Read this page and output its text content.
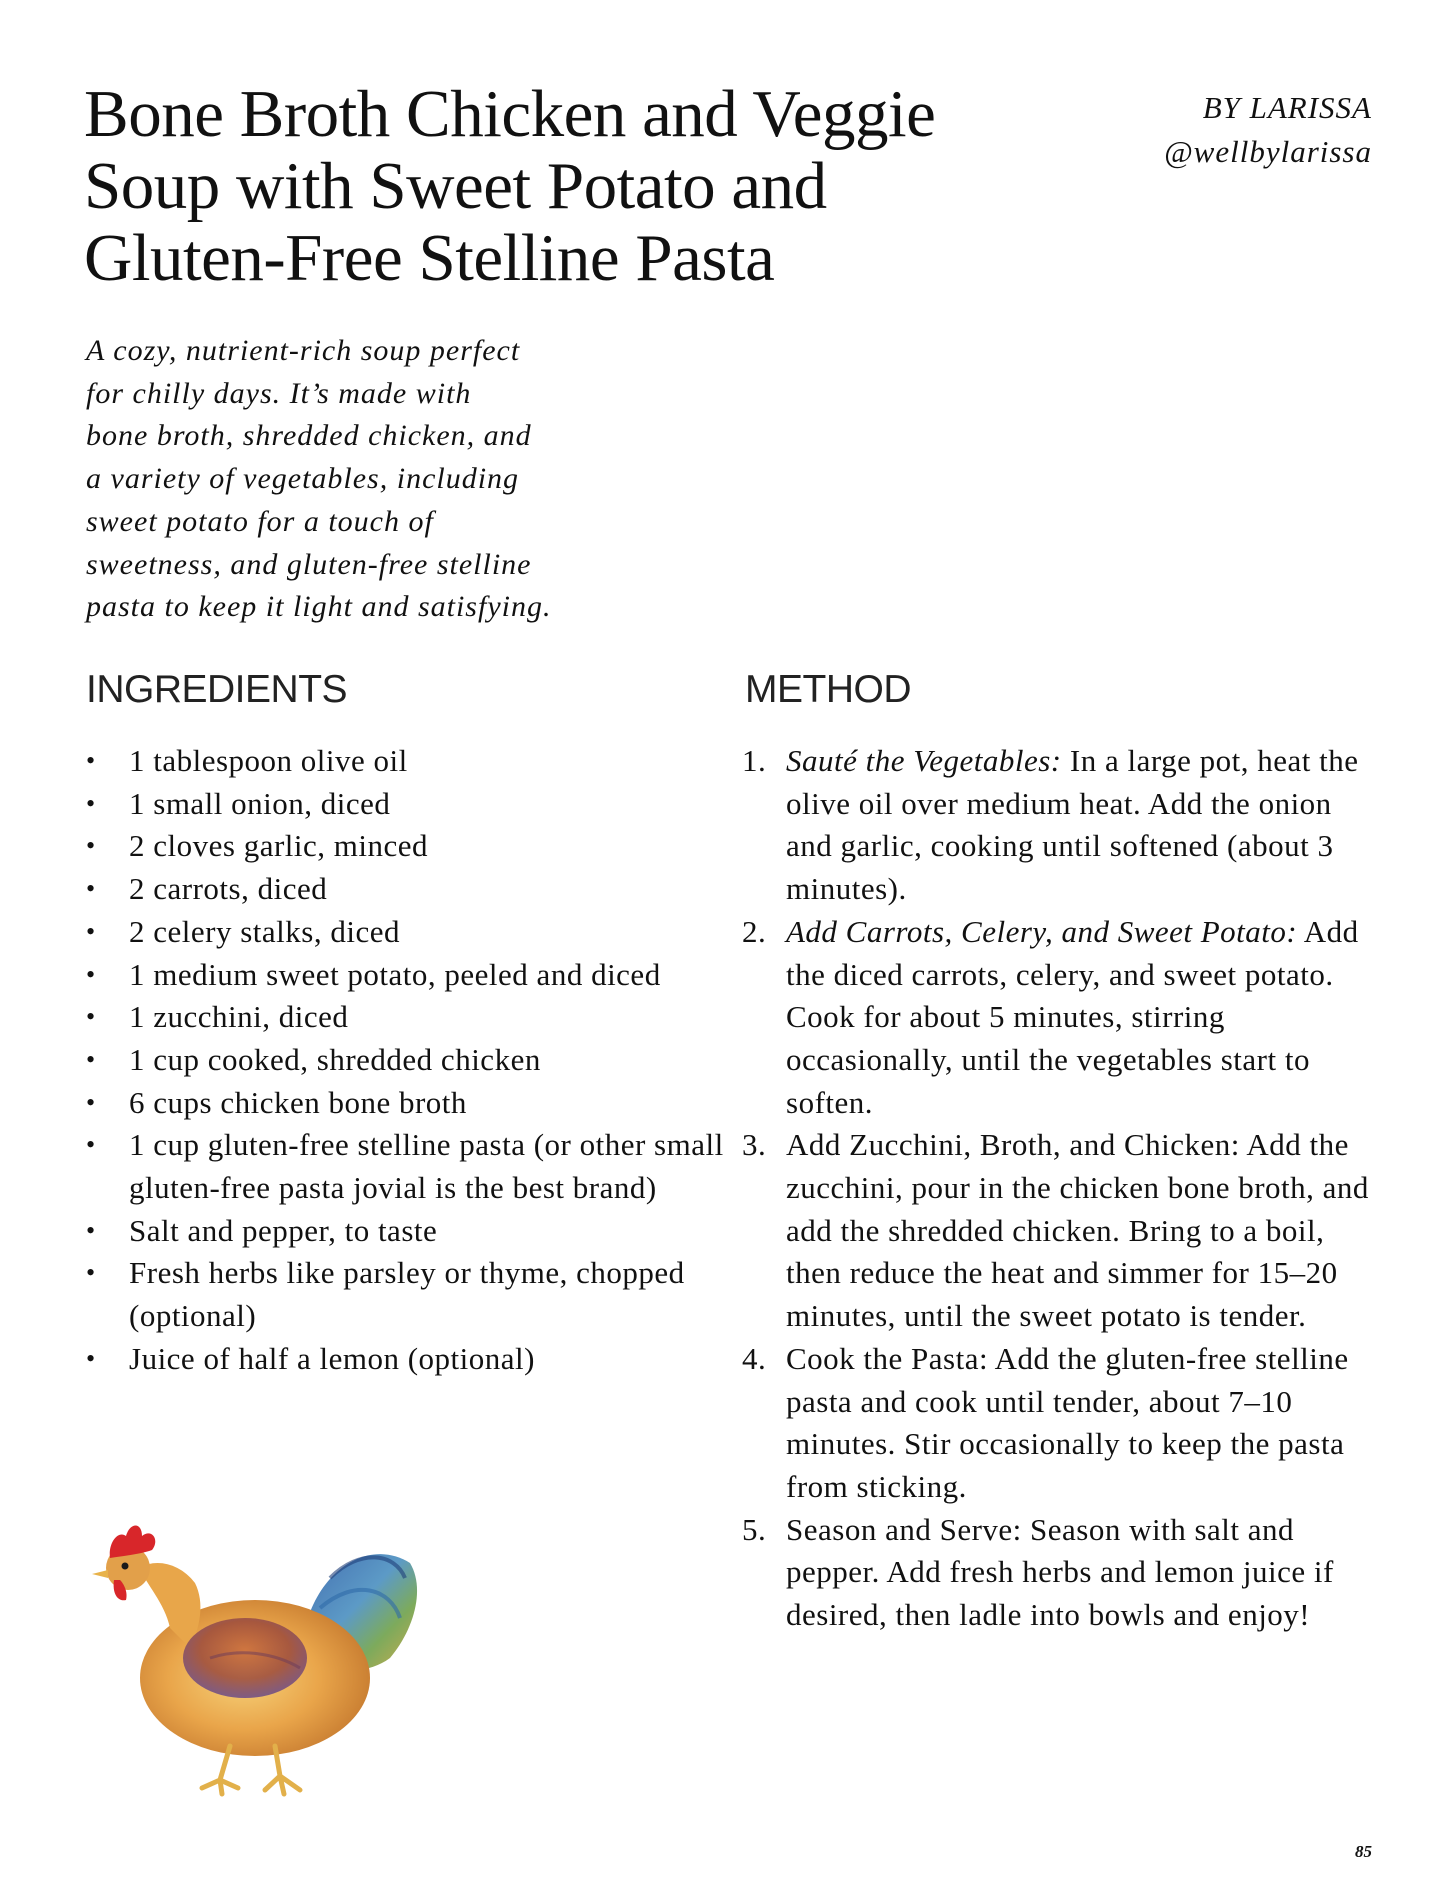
Bone Broth Chicken and Veggie
Soup with Sweet Potato and
Gluten-Free Stelline Pasta
BY LARISSA
@wellbylarissa

A cozy, nutrient-rich soup perfect
for chilly days. It’s made with
bone broth, shredded chicken, and
a variety of vegetables, including
sweet potato for a touch of
sweetness, and gluten-free stelline
pasta to keep it light and satisfying.

INGREDIENTS	METHOD
• 1 tablespoon olive oil
• 1 small onion, diced
• 2 cloves garlic, minced
• 2 carrots, diced
• 2 celery stalks, diced
• 1 medium sweet potato, peeled and diced
• 1 zucchini, diced
• 1 cup cooked, shredded chicken
• 6 cups chicken bone broth
• 1 cup gluten-free stelline pasta (or other small gluten-free pasta jovial is the best brand)
• Salt and pepper, to taste
• Fresh herbs like parsley or thyme, chopped (optional)
• Juice of half a lemon (optional)
1. Sauté the Vegetables: In a large pot, heat the olive oil over medium heat. Add the onion and garlic, cooking until softened (about 3 minutes).
2. Add Carrots, Celery, and Sweet Potato: Add the diced carrots, celery, and sweet potato. Cook for about 5 minutes, stirring occasionally, until the vegetables start to soften.
3. Add Zucchini, Broth, and Chicken: Add the zucchini, pour in the chicken bone broth, and add the shredded chicken. Bring to a boil, then reduce the heat and simmer for 15–20 minutes, until the sweet potato is tender.
4. Cook the Pasta: Add the gluten-free stelline pasta and cook until tender, about 7–10 minutes. Stir occasionally to keep the pasta from sticking.
5. Season and Serve: Season with salt and pepper. Add fresh herbs and lemon juice if desired, then ladle into bowls and enjoy!
85
